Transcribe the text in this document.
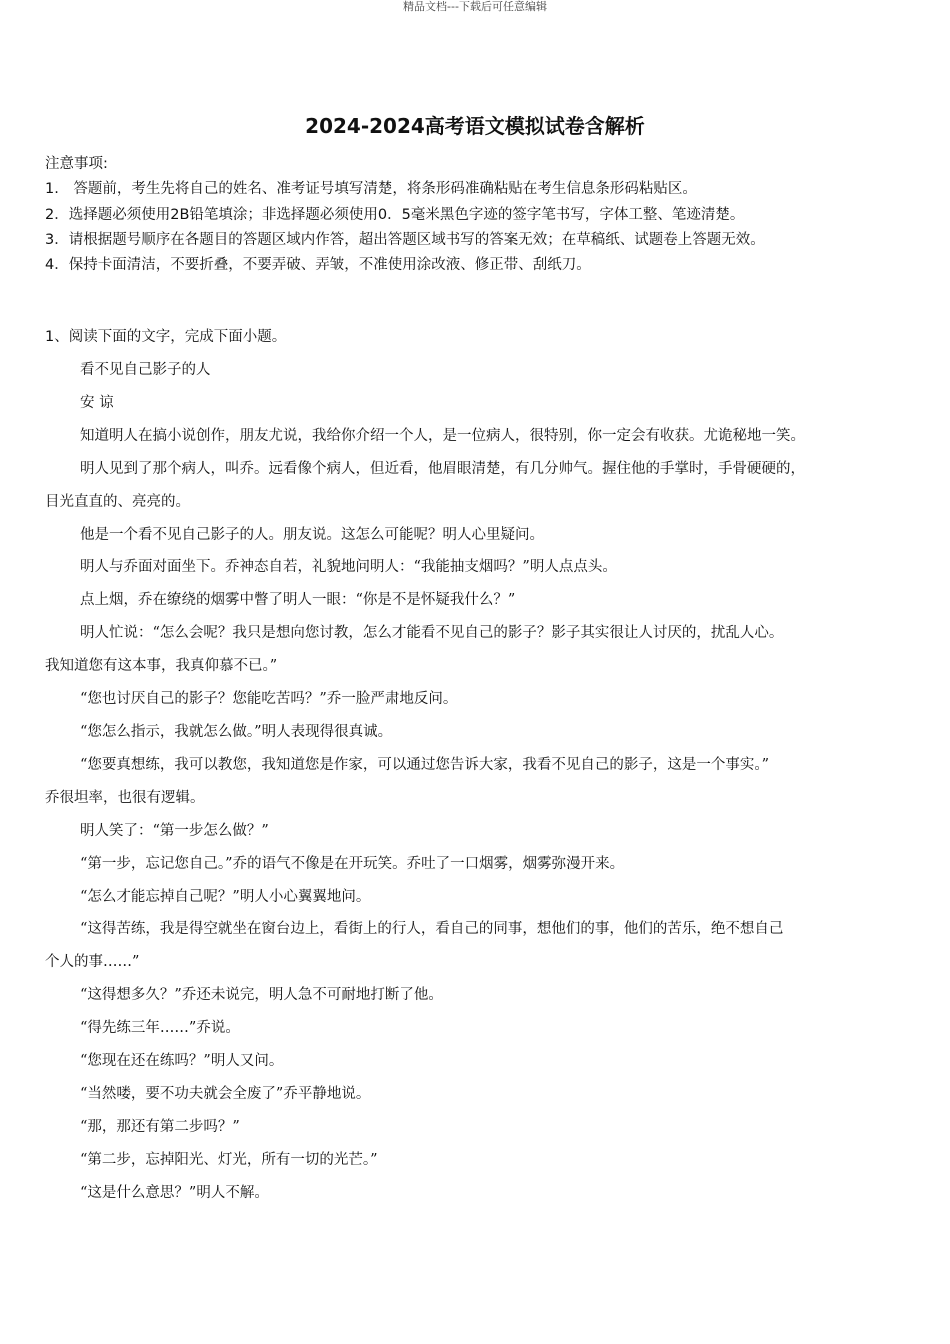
精品文档---下载后可任意编辑
2024-2024高考语文模拟试卷含解析
注意事项:
1.　答题前，考生先将自己的姓名、准考证号填写清楚，将条形码准确粘贴在考生信息条形码粘贴区。
2．选择题必须使用2B铅笔填涂；非选择题必须使用0．5毫米黑色字迹的签字笔书写，字体工整、笔迹清楚。
3．请根据题号顺序在各题目的答题区域内作答，超出答题区域书写的答案无效；在草稿纸、试题卷上答题无效。
4．保持卡面清洁，不要折叠，不要弄破、弄皱，不准使用涂改液、修正带、刮纸刀。
1、阅读下面的文字，完成下面小题。

看不见自己影子的人

安 谅

知道明人在搞小说创作，朋友尤说，我给你介绍一个人，是一位病人，很特别，你一定会有收获。尤诡秘地一笑。

明人见到了那个病人，叫乔。远看像个病人，但近看，他眉眼清楚，有几分帅气。握住他的手掌时，手骨硬硬的，

目光直直的、亮亮的。

他是一个看不见自己影子的人。朋友说。这怎么可能呢？明人心里疑问。

明人与乔面对面坐下。乔神态自若，礼貌地问明人：“我能抽支烟吗？”明人点点头。

点上烟，乔在缭绕的烟雾中瞥了明人一眼：“你是不是怀疑我什么？”

明人忙说：“怎么会呢？我只是想向您讨教，怎么才能看不见自己的影子？影子其实很让人讨厌的，扰乱人心。

我知道您有这本事，我真仰慕不已。”

“您也讨厌自己的影子？您能吃苦吗？”乔一脸严肃地反问。

“您怎么指示，我就怎么做。”明人表现得很真诚。

“您要真想练，我可以教您，我知道您是作家，可以通过您告诉大家，我看不见自己的影子，这是一个事实。”

乔很坦率，也很有逻辑。

明人笑了：“第一步怎么做？”

“第一步，忘记您自己。”乔的语气不像是在开玩笑。乔吐了一口烟雾，烟雾弥漫开来。

“怎么才能忘掉自己呢？”明人小心翼翼地问。

“这得苦练，我是得空就坐在窗台边上，看街上的行人，看自己的同事，想他们的事，他们的苦乐，绝不想自己

个人的事……”

“这得想多久？”乔还未说完，明人急不可耐地打断了他。

“得先练三年……”乔说。

“您现在还在练吗？”明人又问。

“当然喽，要不功夫就会全废了”乔平静地说。

“那，那还有第二步吗？”

“第二步，忘掉阳光、灯光，所有一切的光芒。”

“这是什么意思？”明人不解。
